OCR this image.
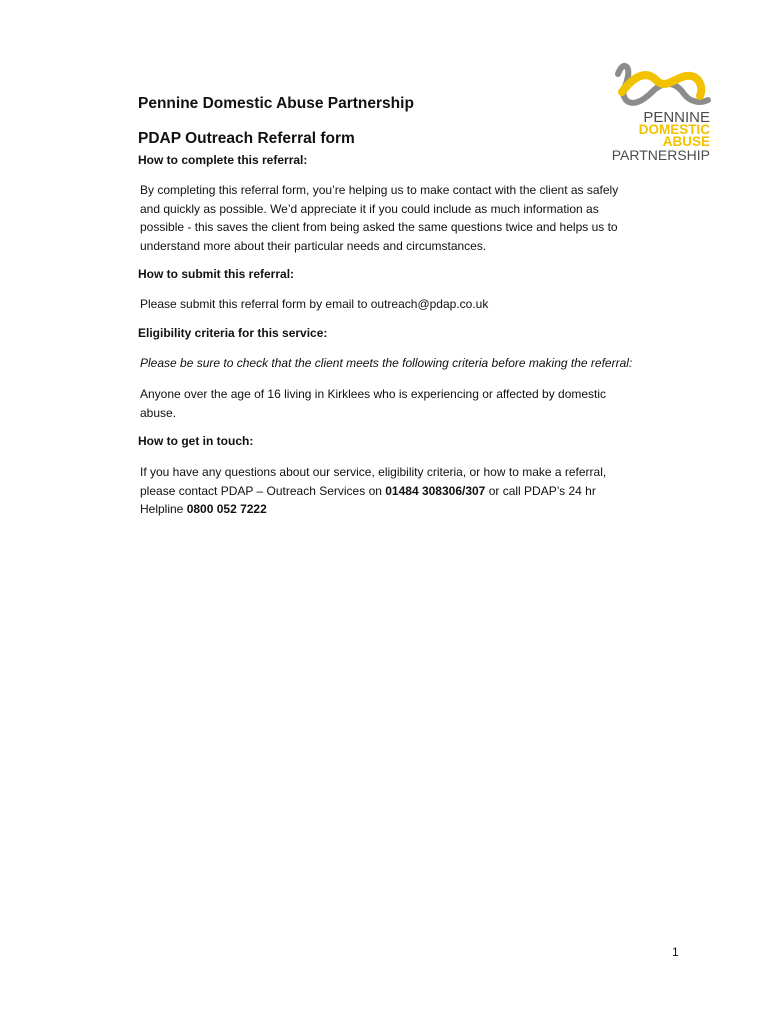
PENNINE
DOMESTIC
ABUSE
PARTNERSHIP
Pennine Domestic Abuse Partnership
PDAP Outreach Referral form
How to complete this referral:

By completing this referral form, you’re helping us to make contact with the client as safely
and quickly as possible. We’d appreciate it if you could include as much information as
possible - this saves the client from being asked the same questions twice and helps us to
understand more about their particular needs and circumstances.

How to submit this referral:

Please submit this referral form by email to outreach@pdap.co.uk

Eligibility criteria for this service:

Please be sure to check that the client meets the following criteria before making the referral:

Anyone over the age of 16 living in Kirklees who is experiencing or affected by domestic
abuse.

How to get in touch:

If you have any questions about our service, eligibility criteria, or how to make a referral,
please contact PDAP – Outreach Services on 01484 308306/307 or call PDAP’s 24 hr
Helpline 0800 052 7222

1
